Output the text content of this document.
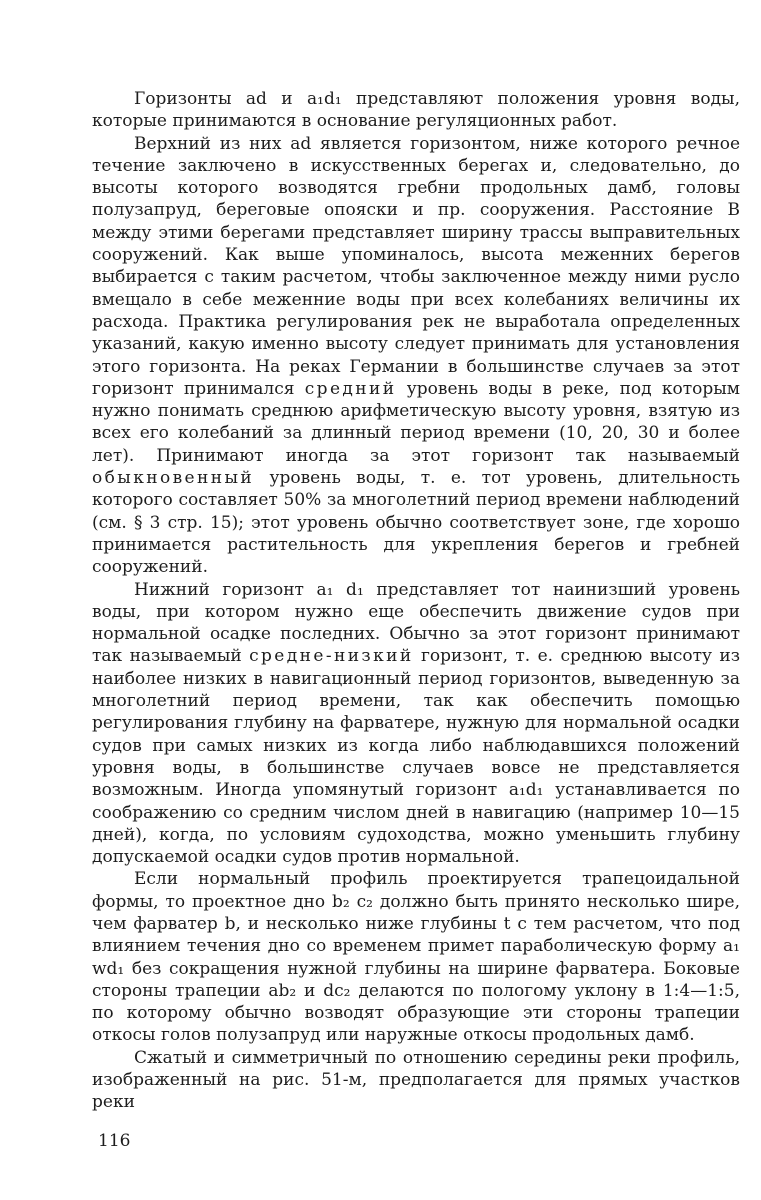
Горизонты ad и a₁d₁ представляют положения уровня воды, которые принимаются в основание регуляционных работ.

Верхний из них ad является горизонтом, ниже которого речное течение заключено в искусственных берегах и, следовательно, до высоты которого возводятся гребни продольных дамб, головы полузапруд, береговые опояски и пр. сооружения. Расстояние B между этими берегами представляет ширину трассы выправительных сооружений. Как выше упоминалось, высота меженних берегов выбирается с таким расчетом, чтобы заключенное между ними русло вмещало в себе меженние воды при всех колебаниях величины их расхода. Практика регулирования рек не выработала определенных указаний, какую именно высоту следует принимать для установления этого горизонта. На реках Германии в большинстве случаев за этот горизонт принимался средний уровень воды в реке, под которым нужно понимать среднюю арифметическую высоту уровня, взятую из всех его колебаний за длинный период времени (10, 20, 30 и более лет). Принимают иногда за этот горизонт так называемый обыкновенный уровень воды, т. е. тот уровень, длительность которого составляет 50% за многолетний период времени наблюдений (см. § 3 стр. 15); этот уровень обычно соответствует зоне, где хорошо принимается растительность для укрепления берегов и гребней сооружений.

Нижний горизонт a₁ d₁ представляет тот наинизший уровень воды, при котором нужно еще обеспечить движение судов при нормальной осадке последних. Обычно за этот горизонт принимают так называемый средне-низкий горизонт, т. е. среднюю высоту из наиболее низких в навигационный период горизонтов, выведенную за многолетний период времени, так как обеспечить помощью регулирования глубину на фарватере, нужную для нормальной осадки судов при самых низких из когда либо наблюдавшихся положений уровня воды, в большинстве случаев вовсе не представляется возможным. Иногда упомянутый горизонт a₁d₁ устанавливается по соображению со средним числом дней в навигацию (например 10—15 дней), когда, по условиям судоходства, можно уменьшить глубину допускаемой осадки судов против нормальной.

Если нормальный профиль проектируется трапецоидальной формы, то проектное дно b₂ c₂ должно быть принято несколько шире, чем фарватер b, и несколько ниже глубины t с тем расчетом, что под влиянием течения дно со временем примет параболическую форму a₁ wd₁ без сокращения нужной глубины на ширине фарватера. Боковые стороны трапеции ab₂ и dc₂ делаются по пологому уклону в 1:4—1:5, по которому обычно возводят образующие эти стороны трапеции откосы голов полузапруд или наружные откосы продольных дамб.

Сжатый и симметричный по отношению середины реки профиль, изображенный на рис. 51-м, предполагается для прямых участков реки

116
